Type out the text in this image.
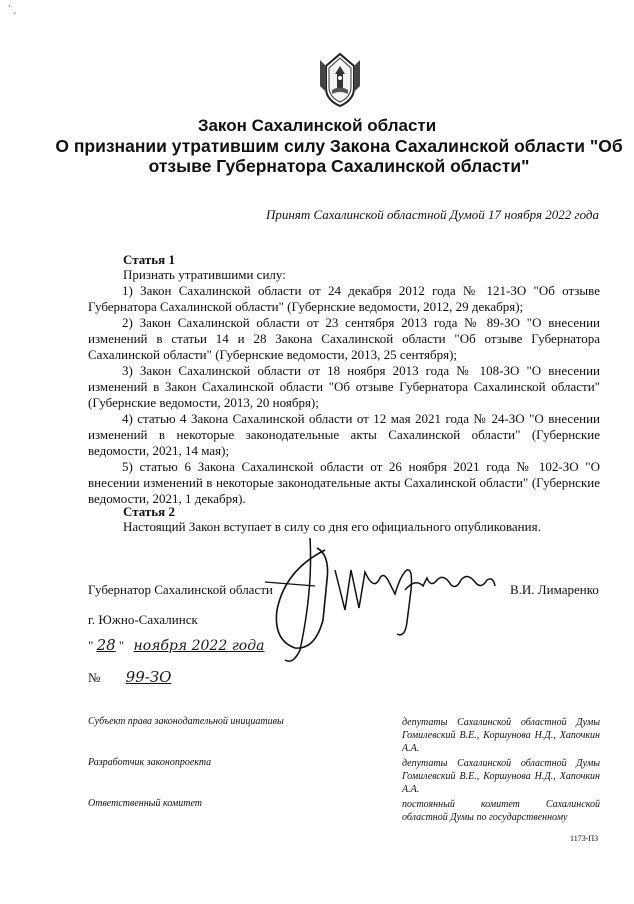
ˋ ˎ
Закон Сахалинской области
О признании утратившим силу Закона Сахалинской области "Об отзыве Губернатора Сахалинской области"
Принят Сахалинской областной Думой 17 ноября 2022 года
Статья 1
Признать утратившими силу:

1) Закон Сахалинской области от 24 декабря 2012 года № 121-ЗО "Об отзыве Губернатора Сахалинской области" (Губернские ведомости, 2012, 29 декабря);

2) Закон Сахалинской области от 23 сентября 2013 года № 89-ЗО "О внесении изменений в статьи 14 и 28 Закона Сахалинской области "Об отзыве Губернатора Сахалинской области" (Губернские ведомости, 2013, 25 сентября);

3) Закон Сахалинской области от 18 ноября 2013 года № 108-ЗО "О внесении изменений в Закон Сахалинской области "Об отзыве Губернатора Сахалинской области" (Губернские ведомости, 2013, 20 ноября);

4) статью 4 Закона Сахалинской области от 12 мая 2021 года № 24-ЗО "О внесении изменений в некоторые законодательные акты Сахалинской области" (Губернские ведомости, 2021, 14 мая);

5) статью 6 Закона Сахалинской области от 26 ноября 2021 года № 102-ЗО "О внесении изменений в некоторые законодательные акты Сахалинской области" (Губернские ведомости, 2021, 1 декабря).

Статья 2
Настоящий Закон вступает в силу со дня его официального опубликования.
Губернатор Сахалинской области	В.И. Лимаренко
г. Южно-Сахалинск
" 28 " ноября 2022 года
№ 99-ЗО
Субъект права законодательной инициативы	депутаты Сахалинской областной Думы Гомилевский В.Е., Коршунова Н.Д., Хапочкин А.А.
Разработчик законопроекта	депутаты Сахалинской областной Думы Гомилевский В.Е., Коршунова Н.Д., Хапочкин А.А.
Ответственный комитет	постоянный комитет Сахалинской областной Думы по государственному
1173-ПЗ
